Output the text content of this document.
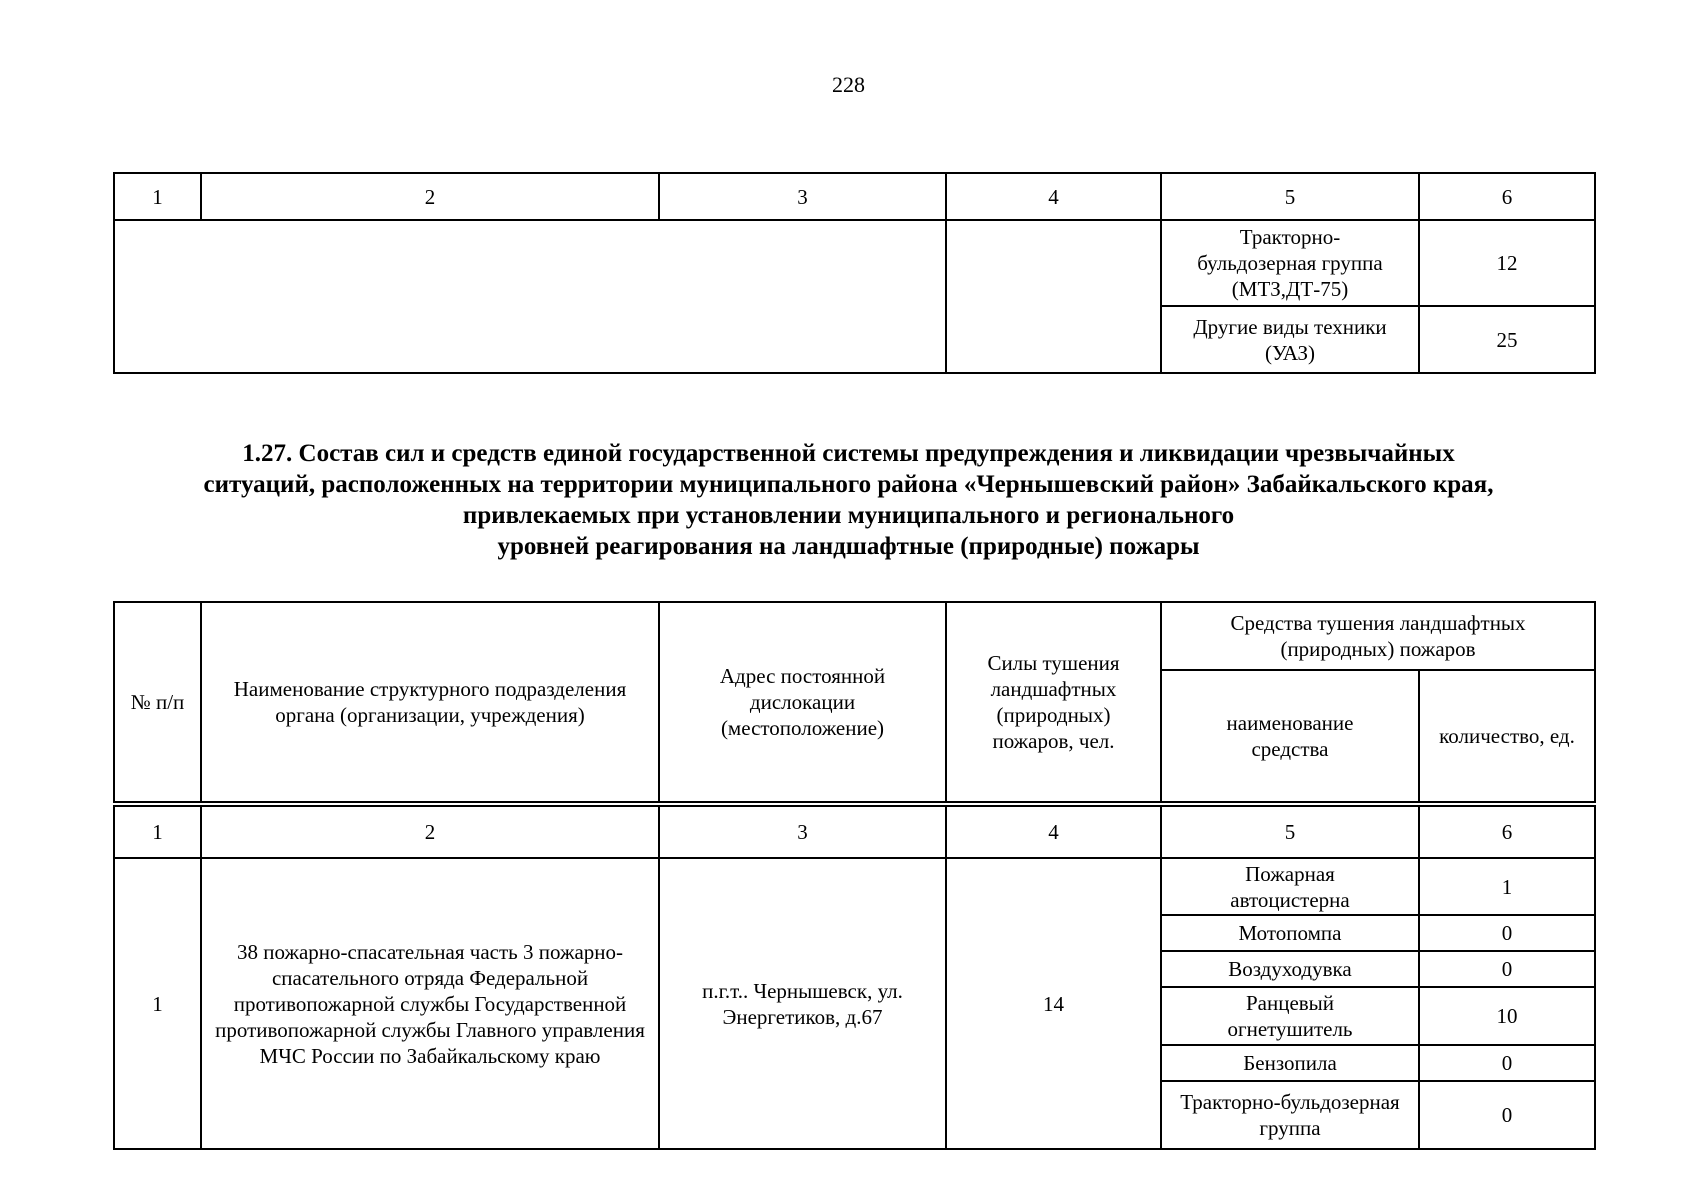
228
1	2	3	4	5	6

				Тракторно-
бульдозерная группа
(МТЗ,ДТ-75)	12

				Другие виды техники
(УАЗ)	25
1.27. Состав сил и средств единой государственной системы предупреждения и ликвидации чрезвычайных
ситуаций, расположенных на территории муниципального района «Чернышевский район» Забайкальского края,
привлекаемых при установлении муниципального и регионального
уровней реагирования на ландшафтные (природные) пожары
№ п/п	Наименование структурного подразделения органа (организации, учреждения)	Адрес постоянной дислокации (местоположение)	Силы тушения ландшафтных (природных) пожаров, чел.	Средства тушения ландшафтных (природных) пожаров	
				наименование средства	количество, ед.
1	2	3	4	5	6
1	38 пожарно-спасательная часть 3 пожарно-спасательного отряда Федеральной противопожарной службы Государственной противопожарной службы Главного управления МЧС России по Забайкальскому краю	п.г.т.. Чернышевск, ул. Энергетиков, д.67	14	Пожарная автоцистерна	1
				Мотопомпа	0
				Воздуходувка	0
				Ранцевый огнетушитель	10
				Бензопила	0
				Тракторно-бульдозерная группа	0
